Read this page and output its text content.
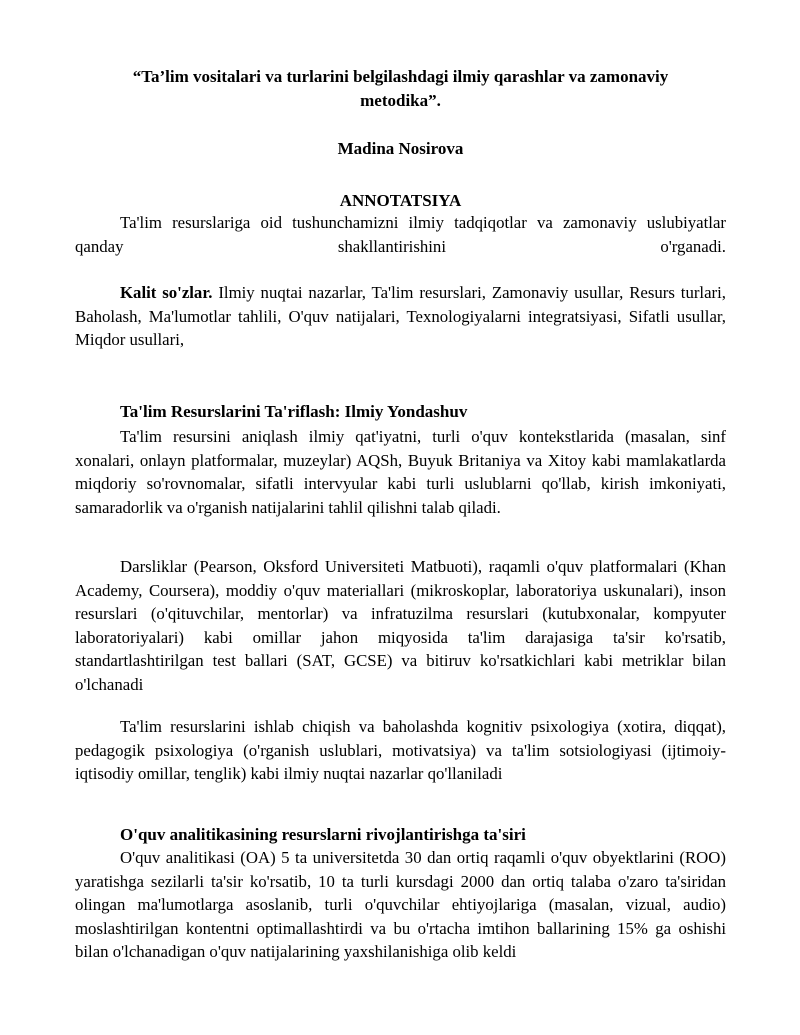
“Ta’lim vositalari va turlarini belgilashdagi ilmiy qarashlar va zamonaviy metodika”.
Madina Nosirova
ANNOTATSIYA

Ta'lim resurslariga oid tushunchamizni ilmiy tadqiqotlar va zamonaviy uslubiyatlar qanday shakllantirishini o'rganadi.

Kalit so'zlar. Ilmiy nuqtai nazarlar, Ta'lim resurslari, Zamonaviy usullar, Resurs turlari, Baholash, Ma'lumotlar tahlili, O'quv natijalari, Texnologiyalarni integratsiyasi, Sifatli usullar, Miqdor usullari,

Ta'lim Resurslarini Ta'riflash: Ilmiy Yondashuv

Ta'lim resursini aniqlash ilmiy qat'iyatni, turli o'quv kontekstlarida (masalan, sinf xonalari, onlayn platformalar, muzeylar) AQSh, Buyuk Britaniya va Xitoy kabi mamlakatlarda miqdoriy so'rovnomalar, sifatli intervyular kabi turli uslublarni qo'llab, kirish imkoniyati, samaradorlik va o'rganish natijalarini tahlil qilishni talab qiladi.

Darsliklar (Pearson, Oksford Universiteti Matbuoti), raqamli o'quv platformalari (Khan Academy, Coursera), moddiy o'quv materiallari (mikroskoplar, laboratoriya uskunalari), inson resurslari (o'qituvchilar, mentorlar) va infratuzilma resurslari (kutubxonalar, kompyuter laboratoriyalari) kabi omillar jahon miqyosida ta'lim darajasiga ta'sir ko'rsatib, standartlashtirilgan test ballari (SAT, GCSE) va bitiruv ko'rsatkichlari kabi metriklar bilan o'lchanadi

Ta'lim resurslarini ishlab chiqish va baholashda kognitiv psixologiya (xotira, diqqat), pedagogik psixologiya (o'rganish uslublari, motivatsiya) va ta'lim sotsiologiyasi (ijtimoiy-iqtisodiy omillar, tenglik) kabi ilmiy nuqtai nazarlar qo'llaniladi

O'quv analitikasining resurslarni rivojlantirishga ta'siri

O'quv analitikasi (OA) 5 ta universitetda 30 dan ortiq raqamli o'quv obyektlarini (ROO) yaratishga sezilarli ta'sir ko'rsatib, 10 ta turli kursdagi 2000 dan ortiq talaba o'zaro ta'siridan olingan ma'lumotlarga asoslanib, turli o'quvchilar ehtiyojlariga (masalan, vizual, audio) moslashtirilgan kontentni optimallashtirdi va bu o'rtacha imtihon ballarining 15% ga oshishi bilan o'lchanadigan o'quv natijalarining yaxshilanishiga olib keldi
